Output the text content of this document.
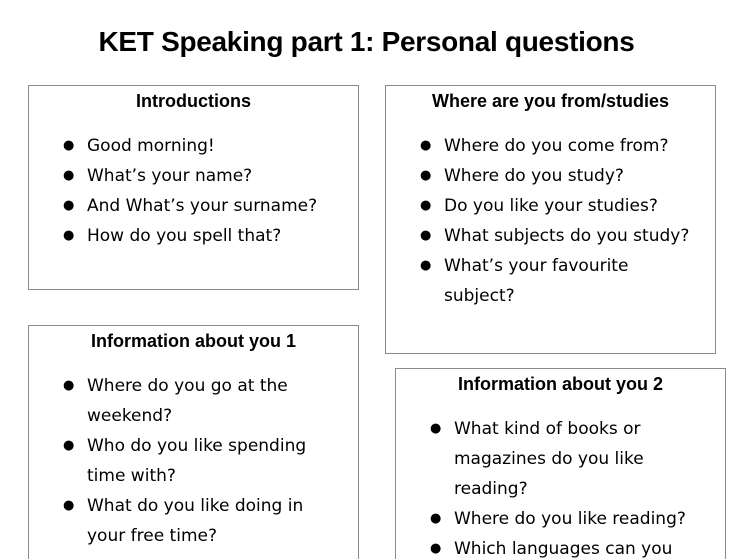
KET Speaking part 1: Personal questions
Introductions
● Good morning!
● What’s your name?
● And What’s your surname?
● How do you spell that?
Where are you from/studies
● Where do you come from?
● Where do you study?
● Do you like your studies?
● What subjects do you study?
● What’s your favourite subject?
Information about you 1
● Where do you go at the weekend?
● Who do you like spending time with?
● What do you like doing in your free time?
Information about you 2
● What kind of books or magazines do you like reading?
● Where do you like reading?
● Which languages can you
